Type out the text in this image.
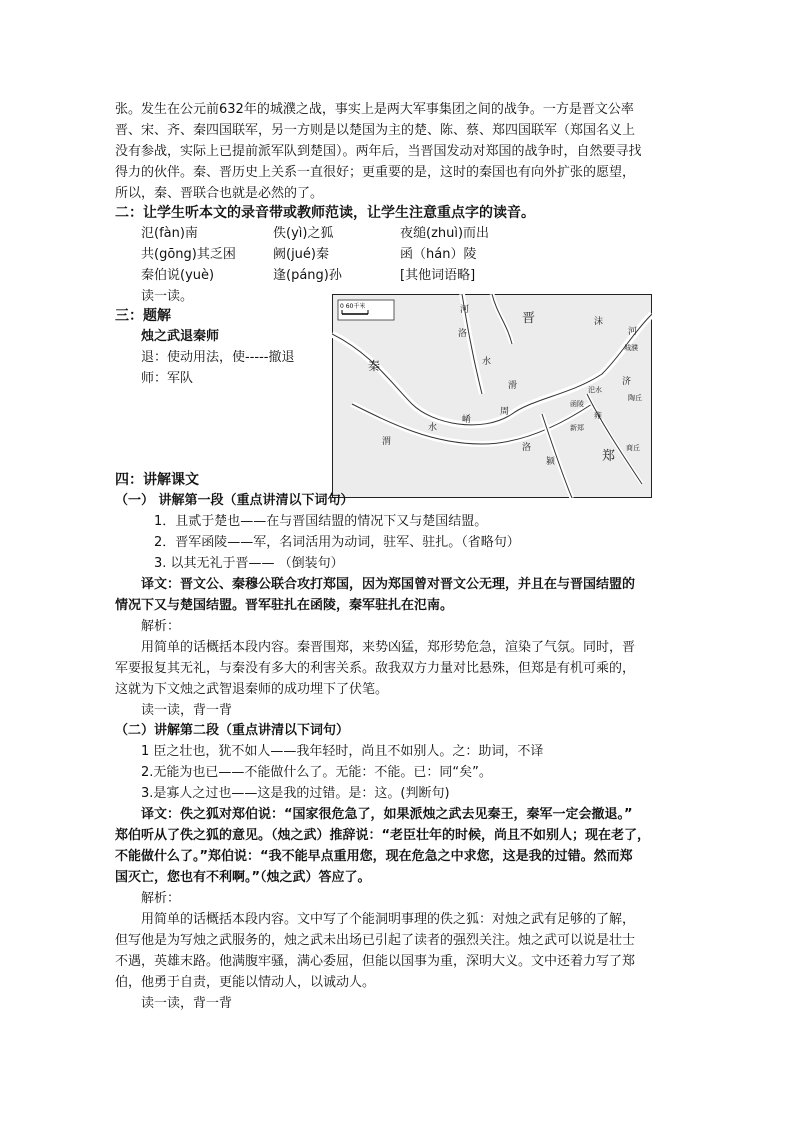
张。发生在公元前632年的城濮之战，事实上是两大军事集团之间的战争。一方是晋文公率
晋、宋、齐、秦四国联军，另一方则是以楚国为主的楚、陈、蔡、郑四国联军（郑国名义上
没有参战，实际上已提前派军队到楚国）。两年后，当晋国发动对郑国的战争时，自然要寻找
得力的伙伴。秦、晋历史上关系一直很好；更重要的是，这时的秦国也有向外扩张的愿望，
所以，秦、晋联合也就是必然的了。
二：让学生听本文的录音带或教师范读，让学生注意重点字的读音。
氾(fàn)南	佚(yì)之狐	夜缒(zhuì)而出
共(gōng)其乏困	阙(jué)秦	函（hán）陵
秦伯说(yuè)	逢(páng)孙	[其他词语略]
读一读。
三：题解
烛之武退秦师
退：使动用法，使-----撤退
师：军队
0 60千米	河
晋
洛
秦	水
沫
河
城濮
济
陶丘
渭
滑
崤
函陵
新郑
郑
周
颍
商丘
汜水
雍
洛
水
四：讲解课文
（一） 讲解第一段（重点讲清以下词句）
1．且贰于楚也——在与晋国结盟的情况下又与楚国结盟。
2．晋军函陵——军，名词活用为动词，驻军、驻扎。（省略句）
3. 以其无礼于晋—— （倒装句）
译文：晋文公、秦穆公联合攻打郑国，因为郑国曾对晋文公无理，并且在与晋国结盟的
情况下又与楚国结盟。晋军驻扎在函陵，秦军驻扎在氾南。
解析：
用简单的话概括本段内容。秦晋围郑，来势凶猛，郑形势危急，渲染了气氛。同时，晋
军要报复其无礼，与秦没有多大的利害关系。敌我双方力量对比悬殊，但郑是有机可乘的，
这就为下文烛之武智退秦师的成功埋下了伏笔。
读一读，背一背
（二）讲解第二段（重点讲清以下词句）
1 臣之壮也，犹不如人——我年轻时，尚且不如别人。之：助词，不译
2.无能为也已——不能做什么了。无能：不能。已：同“矣”。
3.是寡人之过也——这是我的过错。是：这。(判断句)
译文：佚之狐对郑伯说：“国家很危急了，如果派烛之武去见秦王，秦军一定会撤退。”
郑伯听从了佚之狐的意见。（烛之武）推辞说：“老臣壮年的时候，尚且不如别人；现在老了，
不能做什么了。”郑伯说：“我不能早点重用您，现在危急之中求您，这是我的过错。然而郑
国灭亡，您也有不利啊。”（烛之武）答应了。
解析：
用简单的话概括本段内容。文中写了个能洞明事理的佚之狐：对烛之武有足够的了解，
但写他是为写烛之武服务的，烛之武未出场已引起了读者的强烈关注。烛之武可以说是壮士
不遇，英雄末路。他满腹牢骚，满心委屈，但能以国事为重，深明大义。文中还着力写了郑
伯，他勇于自责，更能以情动人，以诚动人。
读一读，背一背
